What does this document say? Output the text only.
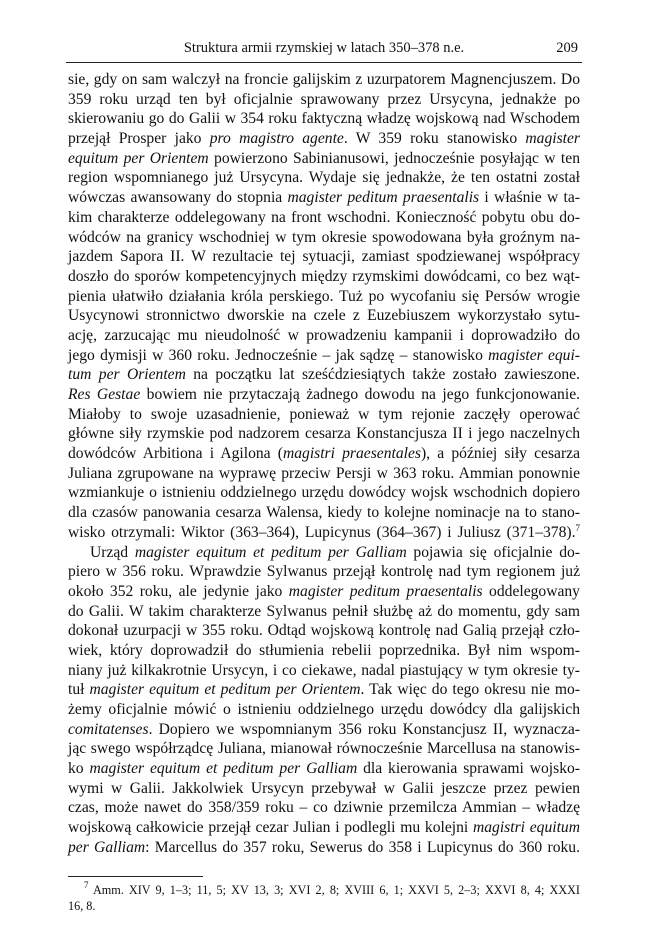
Struktura armii rzymskiej w latach 350–378 n.e.	209
sie, gdy on sam walczył na froncie galijskim z uzurpatorem Magnencjuszem. Do
359 roku urząd ten był oficjalnie sprawowany przez Ursycyna, jednakże po
skierowaniu go do Galii w 354 roku faktyczną władzę wojskową nad Wschodem
przejął Prosper jako pro magistro agente. W 359 roku stanowisko magister
equitum per Orientem powierzono Sabinianusowi, jednocześnie posyłając w ten
region wspomnianego już Ursycyna. Wydaje się jednakże, że ten ostatni został
wówczas awansowany do stopnia magister peditum praesentalis i właśnie w ta-
kim charakterze oddelegowany na front wschodni. Konieczność pobytu obu do-
wódców na granicy wschodniej w tym okresie spowodowana była groźnym na-
jazdem Sapora II. W rezultacie tej sytuacji, zamiast spodziewanej współpracy
doszło do sporów kompetencyjnych między rzymskimi dowódcami, co bez wąt-
pienia ułatwiło działania króla perskiego. Tuż po wycofaniu się Persów wrogie
Usycynowi stronnictwo dworskie na czele z Euzebiuszem wykorzystało sytu-
ację, zarzucając mu nieudolność w prowadzeniu kampanii i doprowadziło do
jego dymisji w 360 roku. Jednocześnie – jak sądzę – stanowisko magister equi-
tum per Orientem na początku lat sześćdziesiątych także zostało zawieszone.
Res Gestae bowiem nie przytaczają żadnego dowodu na jego funkcjonowanie.
Miałoby to swoje uzasadnienie, ponieważ w tym rejonie zaczęły operować
główne siły rzymskie pod nadzorem cesarza Konstancjusza II i jego naczelnych
dowódców Arbitiona i Agilona (magistri praesentales), a później siły cesarza
Juliana zgrupowane na wyprawę przeciw Persji w 363 roku. Ammian ponownie
wzmiankuje o istnieniu oddzielnego urzędu dowódcy wojsk wschodnich dopiero
dla czasów panowania cesarza Walensa, kiedy to kolejne nominacje na to stano-
wisko otrzymali: Wiktor (363–364), Lupicynus (364–367) i Juliusz (371–378).$^7$
Urząd magister equitum et peditum per Galliam pojawia się oficjalnie do-
piero w 356 roku. Wprawdzie Sylwanus przejął kontrolę nad tym regionem już
około 352 roku, ale jedynie jako magister peditum praesentalis oddelegowany
do Galii. W takim charakterze Sylwanus pełnił służbę aż do momentu, gdy sam
dokonał uzurpacji w 355 roku. Odtąd wojskową kontrolę nad Galią przejął czło-
wiek, który doprowadził do stłumienia rebelii poprzednika. Był nim wspom-
niany już kilkakrotnie Ursycyn, i co ciekawe, nadal piastujący w tym okresie ty-
tuł magister equitum et peditum per Orientem. Tak więc do tego okresu nie mo-
żemy oficjalnie mówić o istnieniu oddzielnego urzędu dowódcy dla galijskich
comitatenses. Dopiero we wspomnianym 356 roku Konstancjusz II, wyznacza-
jąc swego współrządcę Juliana, mianował równocześnie Marcellusa na stanowis-
ko magister equitum et peditum per Galliam dla kierowania sprawami wojsko-
wymi w Galii. Jakkolwiek Ursycyn przebywał w Galii jeszcze przez pewien
czas, może nawet do 358/359 roku – co dziwnie przemilcza Ammian – władzę
wojskową całkowicie przejął cezar Julian i podlegli mu kolejni magistri equitum
per Galliam: Marcellus do 357 roku, Sewerus do 358 i Lupicynus do 360 roku.
$^7$ Amm. XIV 9, 1–3; 11, 5; XV 13, 3; XVI 2, 8; XVIII 6, 1; XXVI 5, 2–3; XXVI 8, 4; XXXI
16, 8.
